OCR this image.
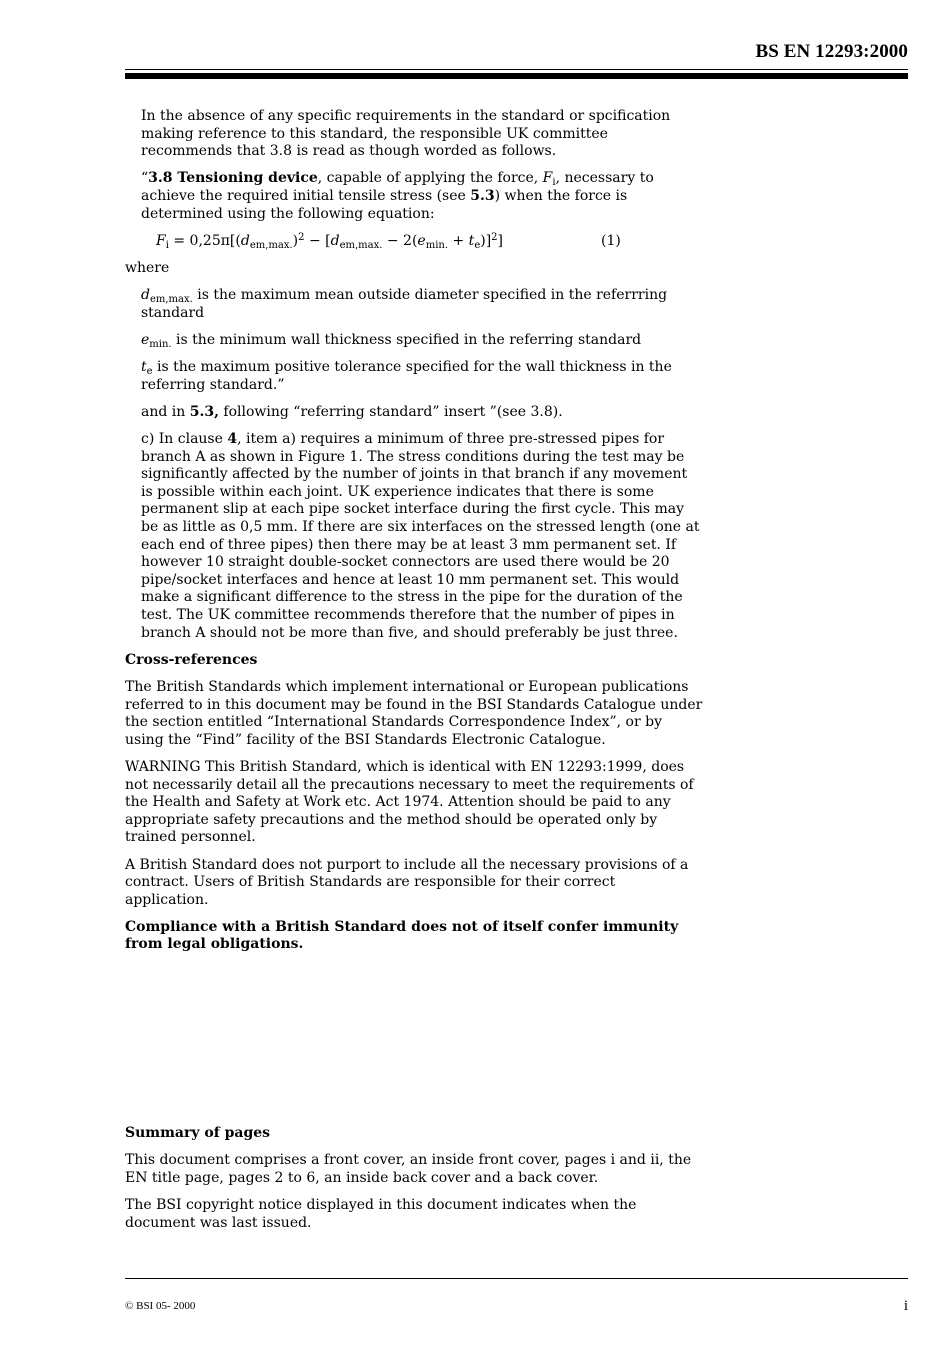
BS EN 12293:2000

In the absence of any specific requirements in the standard or spcification making reference to this standard, the responsible UK committee recommends that 3.8 is read as though worded as follows.

“3.8 Tensioning device, capable of applying the force, $F_i$, necessary to achieve the required initial tensile stress (see 5.3) when the force is determined using the following equation:

$F_i = 0,25\pi[(d_{em,max.})^2 - [d_{em,max.} - 2(e_{min.} + t_e)]^2]$	(1)

where

$d_{em,max.}$ is the maximum mean outside diameter specified in the referrring standard

$e_{min.}$ is the minimum wall thickness specified in the referring standard

$t_e$ is the maximum positive tolerance specified for the wall thickness in the referring standard.”

and in 5.3, following “referring standard” insert ”(see 3.8).

c) In clause 4, item a) requires a minimum of three pre-stressed pipes for branch A as shown in Figure 1. The stress conditions during the test may be significantly affected by the number of joints in that branch if any movement is possible within each joint. UK experience indicates that there is some permanent slip at each pipe socket interface during the first cycle. This may be as little as 0,5 mm. If there are six interfaces on the stressed length (one at each end of three pipes) then there may be at least 3 mm permanent set. If however 10 straight double-socket connectors are used there would be 20 pipe/socket interfaces and hence at least 10 mm permanent set. This would make a significant difference to the stress in the pipe for the duration of the test. The UK committee recommends therefore that the number of pipes in branch A should not be more than five, and should preferably be just three.

Cross-references

The British Standards which implement international or European publications referred to in this document may be found in the BSI Standards Catalogue under the section entitled “International Standards Correspondence Index”, or by using the “Find” facility of the BSI Standards Electronic Catalogue.

WARNING This British Standard, which is identical with EN 12293:1999, does not necessarily detail all the precautions necessary to meet the requirements of the Health and Safety at Work etc. Act 1974. Attention should be paid to any appropriate safety precautions and the method should be operated only by trained personnel.

A British Standard does not purport to include all the necessary provisions of a contract. Users of British Standards are responsible for their correct application.

Compliance with a British Standard does not of itself confer immunity from legal obligations.

Summary of pages

This document comprises a front cover, an inside front cover, pages i and ii, the EN title page, pages 2 to 6, an inside back cover and a back cover.

The BSI copyright notice displayed in this document indicates when the document was last issued.

© BSI 05- 2000	i
